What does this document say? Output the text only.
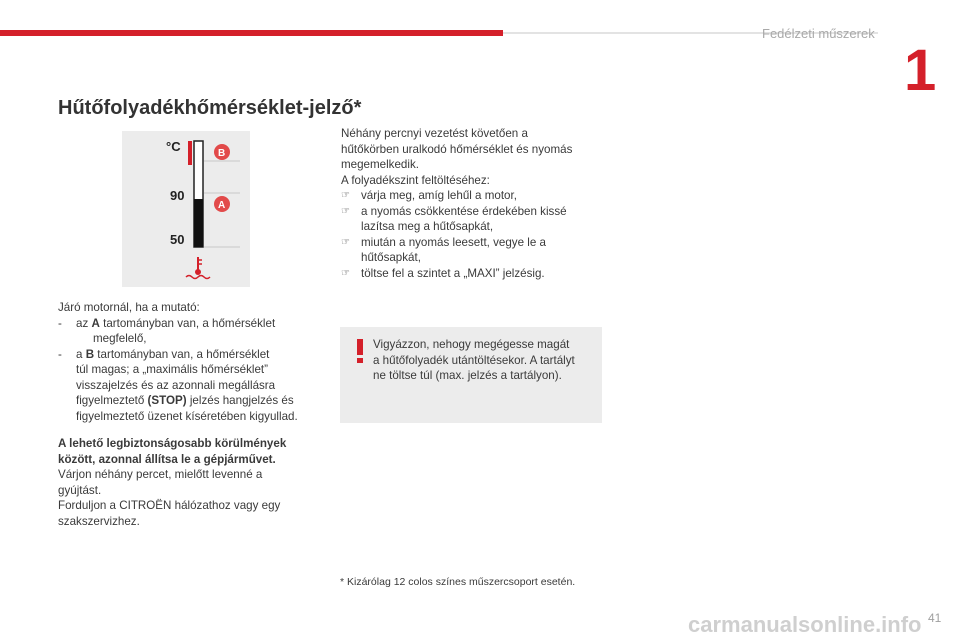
Fedélzeti műszerek
1
Hűtőfolyadékhőmérséklet-jelző*
°C
90
50
B
A
Járó motornál, ha a mutató:
-	az A tartományban van, a hőmérséklet
megfelelő,
-	a B tartományban van, a hőmérséklet
túl magas; a „maximális hőmérséklet”
visszajelzés és az azonnali megállásra
figyelmeztető (STOP) jelzés hangjelzés és
figyelmeztető üzenet kíséretében kigyullad.
A lehető legbiztonságosabb körülmények
között, azonnal állítsa le a gépjárművet.
Várjon néhány percet, mielőtt levenné a
gyújtást.
Forduljon a CITROËN hálózathoz vagy egy
szakszervizhez.
Néhány percnyi vezetést követően a
hűtőkörben uralkodó hőmérséklet és nyomás
megemelkedik.
A folyadékszint feltöltéséhez:
☞ várja meg, amíg lehűl a motor,
☞ a nyomás csökkentése érdekében kissé
lazítsa meg a hűtősapkát,
☞ miután a nyomás leesett, vegye le a
hűtősapkát,
☞ töltse fel a szintet a „MAXI” jelzésig.
Vigyázzon, nehogy megégesse magát
a hűtőfolyadék utántöltésekor. A tartályt
ne töltse túl (max. jelzés a tartályon).
* Kizárólag 12 colos színes műszercsoport esetén.
carmanualsonline.info 41
